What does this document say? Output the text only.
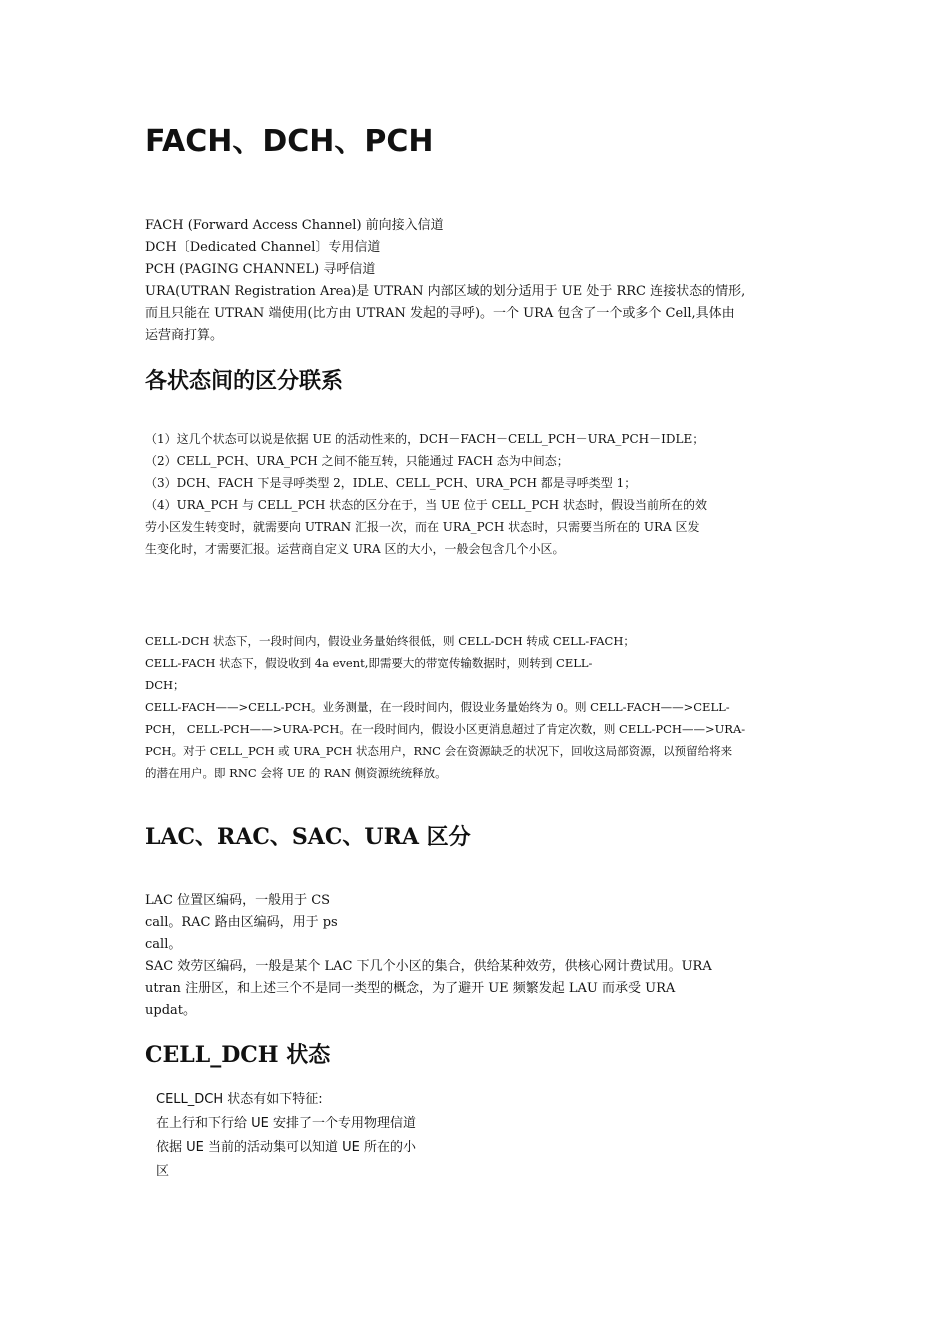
FACH、DCH、PCH
FACH (Forward Access Channel) 前向接入信道
DCH〔Dedicated Channel〕专用信道
PCH (PAGING CHANNEL) 寻呼信道
URA(UTRAN Registration Area)是 UTRAN 内部区域的划分适用于 UE 处于 RRC 连接状态的情形,
而且只能在 UTRAN 端使用(比方由 UTRAN 发起的寻呼)。一个 URA 包含了一个或多个 Cell,具体由
运营商打算。
各状态间的区分联系
（1）这几个状态可以说是依据 UE 的活动性来的，DCH－FACH－CELL_PCH－URA_PCH－IDLE；
（2）CELL_PCH、URA_PCH 之间不能互转，只能通过 FACH 态为中间态；
（3）DCH、FACH 下是寻呼类型 2，IDLE、CELL_PCH、URA_PCH 都是寻呼类型 1；
（4）URA_PCH 与 CELL_PCH 状态的区分在于，当 UE 位于 CELL_PCH 状态时，假设当前所在的效
劳小区发生转变时，就需要向 UTRAN 汇报一次，而在 URA_PCH 状态时，只需要当所在的 URA 区发
生变化时，才需要汇报。运营商自定义 URA 区的大小，一般会包含几个小区。
CELL-DCH 状态下，一段时间内，假设业务量始终很低，则 CELL-DCH 转成 CELL-FACH；
CELL-FACH 状态下，假设收到 4a event,即需要大的带宽传输数据时，则转到 CELL-
DCH；
CELL-FACH——>CELL-PCH。业务测量，在一段时间内，假设业务量始终为 0。则 CELL-FACH——>CELL-
PCH， CELL-PCH——>URA-PCH。在一段时间内，假设小区更消息超过了肯定次数，则 CELL-PCH——>URA-
PCH。对于 CELL_PCH 或 URA_PCH 状态用户，RNC 会在资源缺乏的状况下，回收这局部资源，以预留给将来
的潜在用户。即 RNC 会将 UE 的 RAN 侧资源统统释放。
LAC、RAC、SAC、URA 区分
LAC 位置区编码，一般用于 CS
call。RAC 路由区编码，用于 ps
call。
SAC 效劳区编码，一般是某个 LAC 下几个小区的集合，供给某种效劳，供核心网计费试用。URA
utran 注册区，和上述三个不是同一类型的概念，为了避开 UE 频繁发起 LAU 而承受 URA
updat。
CELL_DCH 状态
CELL_DCH 状态有如下特征:
在上行和下行给 UE 安排了一个专用物理信道
依据 UE 当前的活动集可以知道 UE 所在的小
区
